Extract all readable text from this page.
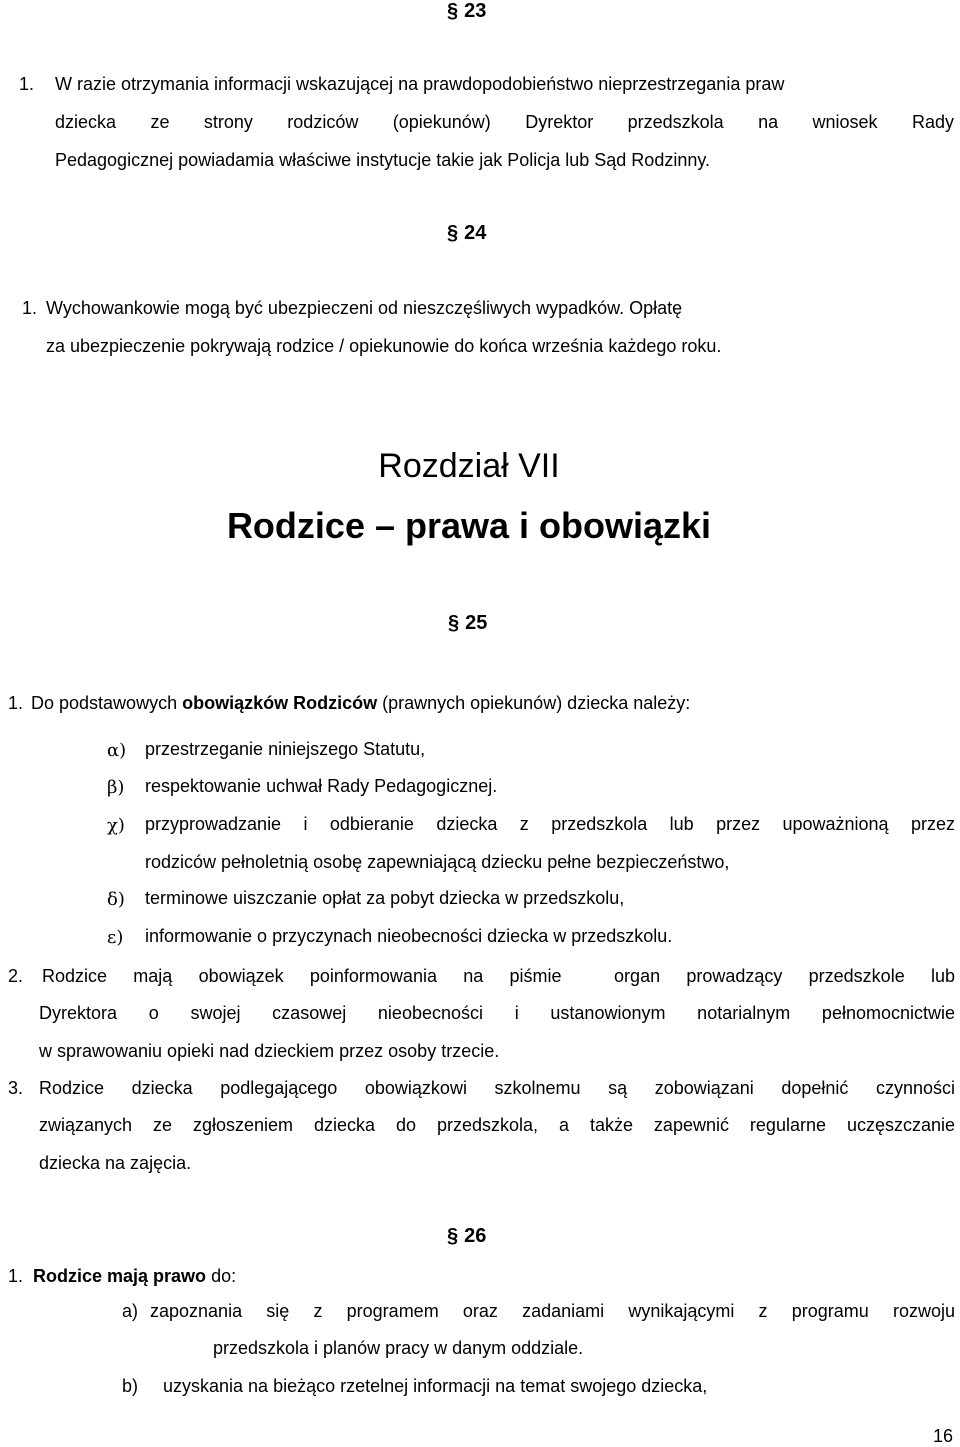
§ 23
1. W razie otrzymania informacji wskazującej na prawdopodobieństwo nieprzestrzegania praw
dziecka ze strony rodziców (opiekunów) Dyrektor przedszkola na wniosek Rady
Pedagogicznej powiadamia właściwe instytucje takie jak Policja lub Sąd Rodzinny.
§ 24
1. Wychowankowie mogą być ubezpieczeni od nieszczęśliwych wypadków. Opłatę
za ubezpieczenie pokrywają rodzice / opiekunowie do końca września każdego roku.
Rozdział VII
Rodzice – prawa i obowiązki
§ 25
1. Do podstawowych obowiązków Rodziców (prawnych opiekunów) dziecka należy:
α) przestrzeganie niniejszego Statutu,
β) respektowanie uchwał Rady Pedagogicznej.
χ) przyprowadzanie i odbieranie dziecka z przedszkola lub przez upoważnioną przez
rodziców pełnoletnią osobę zapewniającą dziecku pełne bezpieczeństwo,
δ) terminowe uiszczanie opłat za pobyt dziecka w przedszkolu,
ε) informowanie o przyczynach nieobecności dziecka w przedszkolu.
2. Rodzice mają obowiązek poinformowania na piśmie  organ prowadzący przedszkole lub
Dyrektora o swojej czasowej nieobecności i ustanowionym notarialnym pełnomocnictwie
w sprawowaniu opieki nad dzieckiem przez osoby trzecie.
3. Rodzice dziecka podlegającego obowiązkowi szkolnemu są zobowiązani dopełnić czynności
związanych ze zgłoszeniem dziecka do przedszkola, a także zapewnić regularne uczęszczanie
dziecka na zajęcia.
§ 26
1. Rodzice mają prawo do:
a) zapoznania się z programem oraz zadaniami wynikającymi z programu rozwoju
przedszkola i planów pracy w danym oddziale.
b) uzyskania na bieżąco rzetelnej informacji na temat swojego dziecka,
16
